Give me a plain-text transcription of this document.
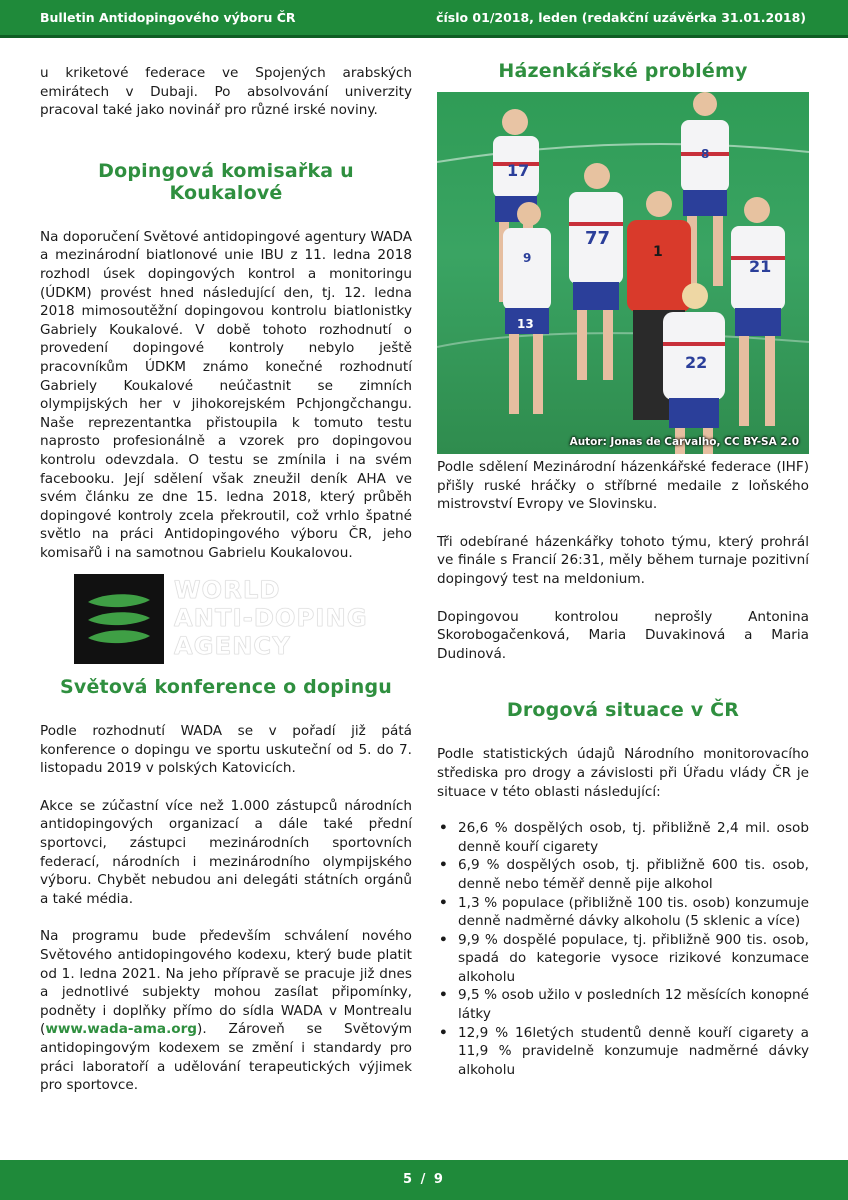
Bulletin Antidopingového výboru ČR	číslo 01/2018, leden (redakční uzávěrka 31.01.2018)

u kriketové federace ve Spojených arabských emirátech v Dubaji. Po absolvování univerzity pracoval také jako novinář pro různé irské noviny.

Dopingová komisařka u Koukalové

Na doporučení Světové antidopingové agentury WADA a mezinárodní biatlonové unie IBU z 11. ledna 2018 rozhodl úsek dopingových kontrol a monitoringu (ÚDKM) provést hned následující den, tj. 12. ledna 2018 mimosoutěžní dopingovou kontrolu biatlonistky Gabriely Koukalové. V době tohoto rozhodnutí o provedení dopingové kontroly nebylo ještě pracovníkům ÚDKM známo konečné rozhodnutí Gabriely Koukalové neúčastnit se zimních olympijských her v jihokorejském Pchjongčchangu. Naše reprezentantka přistoupila k tomuto testu naprosto profesionálně a vzorek pro dopingovou kontrolu odevzdala. O testu se zmínila i na svém facebooku. Její sdělení však zneužil deník AHA ve svém článku ze dne 15. ledna 2018, který průběh dopingové kontroly zcela překroutil, což vrhlo špatné světlo na práci Antidopingového výboru ČR, jeho komisařů i na samotnou Gabrielu Koukalovou.

WORLD
ANTI-DOPING
AGENCY
Světová konference o dopingu

Podle rozhodnutí WADA se v pořadí již pátá konference o dopingu ve sportu uskuteční od 5. do 7. listopadu 2019 v polských Katovicích.

Akce se zúčastní více než 1.000 zástupců národních antidopingových organizací a dále také přední sportovci, zástupci mezinárodních sportovních federací, národních i mezinárodního olympijského výboru. Chybět nebudou ani delegáti státních orgánů a také média.

Na programu bude především schválení nového Světového antidopingového kodexu, který bude platit od 1. ledna 2021. Na jeho přípravě se pracuje již dnes a jednotlivé subjekty mohou zasílat připomínky, podněty i doplňky přímo do sídla WADA v Montrealu (www.wada-ama.org). Zároveň se Světovým antidopingovým kodexem se změní i standardy pro práci laboratoří a udělování terapeutických výjimek pro sportovce.

Házenkářské problémy
17
8
9
77
1
21
13
22
Autor: Jonas de Carvalho, CC BY-SA 2.0

Podle sdělení Mezinárodní házenkářské federace (IHF) přišly ruské hráčky o stříbrné medaile z loňského mistrovství Evropy ve Slovinsku.

Tři odebírané házenkářky tohoto týmu, který prohrál ve finále s Francií 26:31, měly během turnaje pozitivní dopingový test na meldonium.

Dopingovou kontrolou neprošly Antonina Skorobogačenková, Maria Duvakinová a Maria Dudinová.

Drogová situace v ČR

Podle statistických údajů Národního monitorovacího střediska pro drogy a závislosti při Úřadu vlády ČR je situace v této oblasti následující:

• 26,6 % dospělých osob, tj. přibližně 2,4 mil. osob denně kouří cigarety
• 6,9 % dospělých osob, tj. přibližně 600 tis. osob, denně nebo téměř denně pije alkohol
• 1,3 % populace (přibližně 100 tis. osob) konzumuje denně nadměrné dávky alkoholu (5 sklenic a více)
• 9,9 % dospělé populace, tj. přibližně 900 tis. osob, spadá do kategorie vysoce rizikové konzumace alkoholu
• 9,5 % osob užilo v posledních 12 měsících konopné látky
• 12,9 % 16letých studentů denně kouří cigarety a 11,9 % pravidelně konzumuje nadměrné dávky alkoholu
5 / 9
